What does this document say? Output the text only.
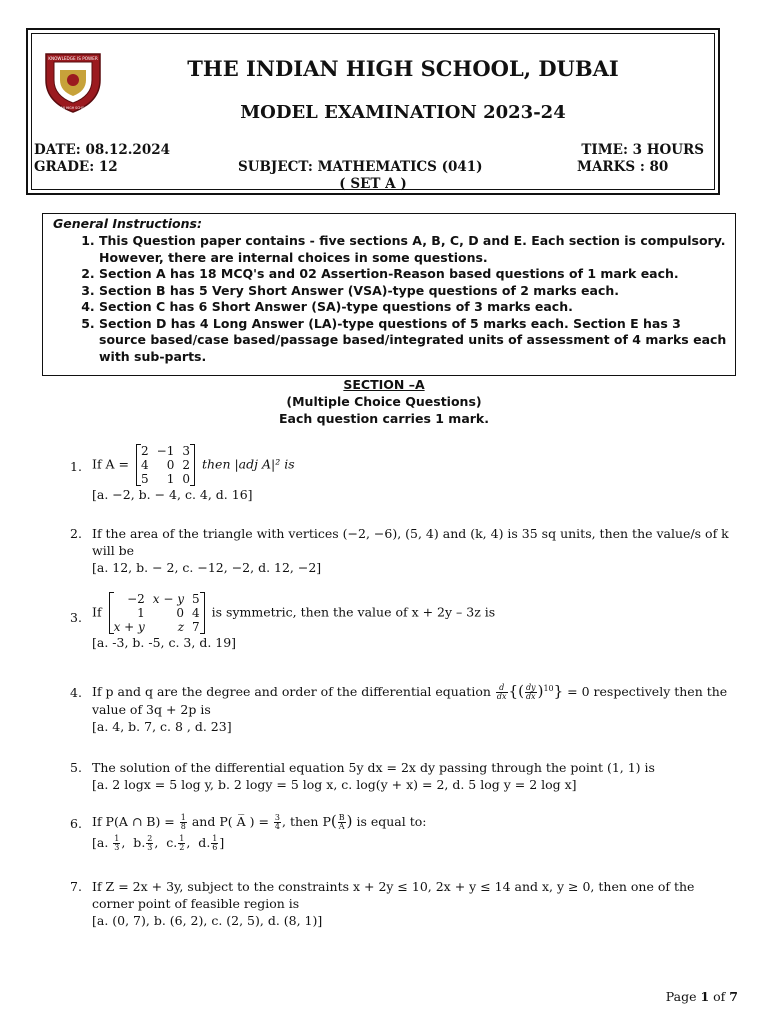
KNOWLEDGE IS POWER
THE INDIAN HIGH SCHOOL DUBAI
THE INDIAN HIGH SCHOOL, DUBAI
MODEL EXAMINATION 2023-24
DATE: 08.12.2024	TIME: 3 HOURS
GRADE: 12	SUBJECT: MATHEMATICS (041)	MARKS : 80
( SET A )
General Instructions:
1. This Question paper contains - five sections A, B, C, D and E. Each section is compulsory. However, there are internal choices in some questions.
2. Section A has 18 MCQ's and 02 Assertion-Reason based questions of 1 mark each.
3. Section B has 5 Very Short Answer (VSA)-type questions of 2 marks each.
4. Section C has 6 Short Answer (SA)-type questions of 3 marks each.
5. Section D has 4 Long Answer (LA)-type questions of 5 marks each. Section E has 3 source based/case based/passage based/integrated units of assessment of 4 marks each with sub-parts.
SECTION –A
(Multiple Choice Questions)
Each question carries 1 mark.
1. If A =
2	−1	3
4	0	2
5	1	0
then |adj A|² is
[a. −2, b. − 4, c. 4, d. 16]
2. If the area of the triangle with vertices (−2, −6), (5, 4) and (k, 4) is 35 sq units, then the value/s of k will be
[a. 12, b. − 2, c. −12, −2, d. 12, −2]
3. If
−2	x − y	5
1	0	4
x + y	z	7
is symmetric, then the value of x + 2y – 3z is
[a. -3, b. -5, c. 3, d. 19]
4. If p and q are the degree and order of the differential equation $\frac{d}{dx}$ {( $\frac{dy}{dx} )^{10}\} = 0$ respectively then the value of 3q + 2p is
[a. 4, b. 7, c. 8 , d. 23]
5. The solution of the differential equation 5y dx = 2x dy passing through the point (1, 1) is
[a. 2 logx = 5 log y, b. 2 logy = 5 log x, c. log(y + x) = 2, d. 5 log y = 2 log x]
6. If P(A ∩ $B) = \frac{1}{8}$ and P( A̅ ) = $\frac{3}{4}$ , then $P( \frac{B}{A}$ ) is equal to:
[a. $\frac{1}{3}$ ,  b. $\frac{2}{3}$ ,  c. $\frac{1}{2}$ ,  d. $\frac{1}{6}$ ]
7. If Z = 2x + 3y, subject to the constraints x + 2y ≤ 10, 2x + y ≤ 14 and x, y ≥ 0, then one of the corner point of feasible region is
[a. (0, 7), b. (6, 2), c. (2, 5), d. (8, 1)]
Page 1 of 7
